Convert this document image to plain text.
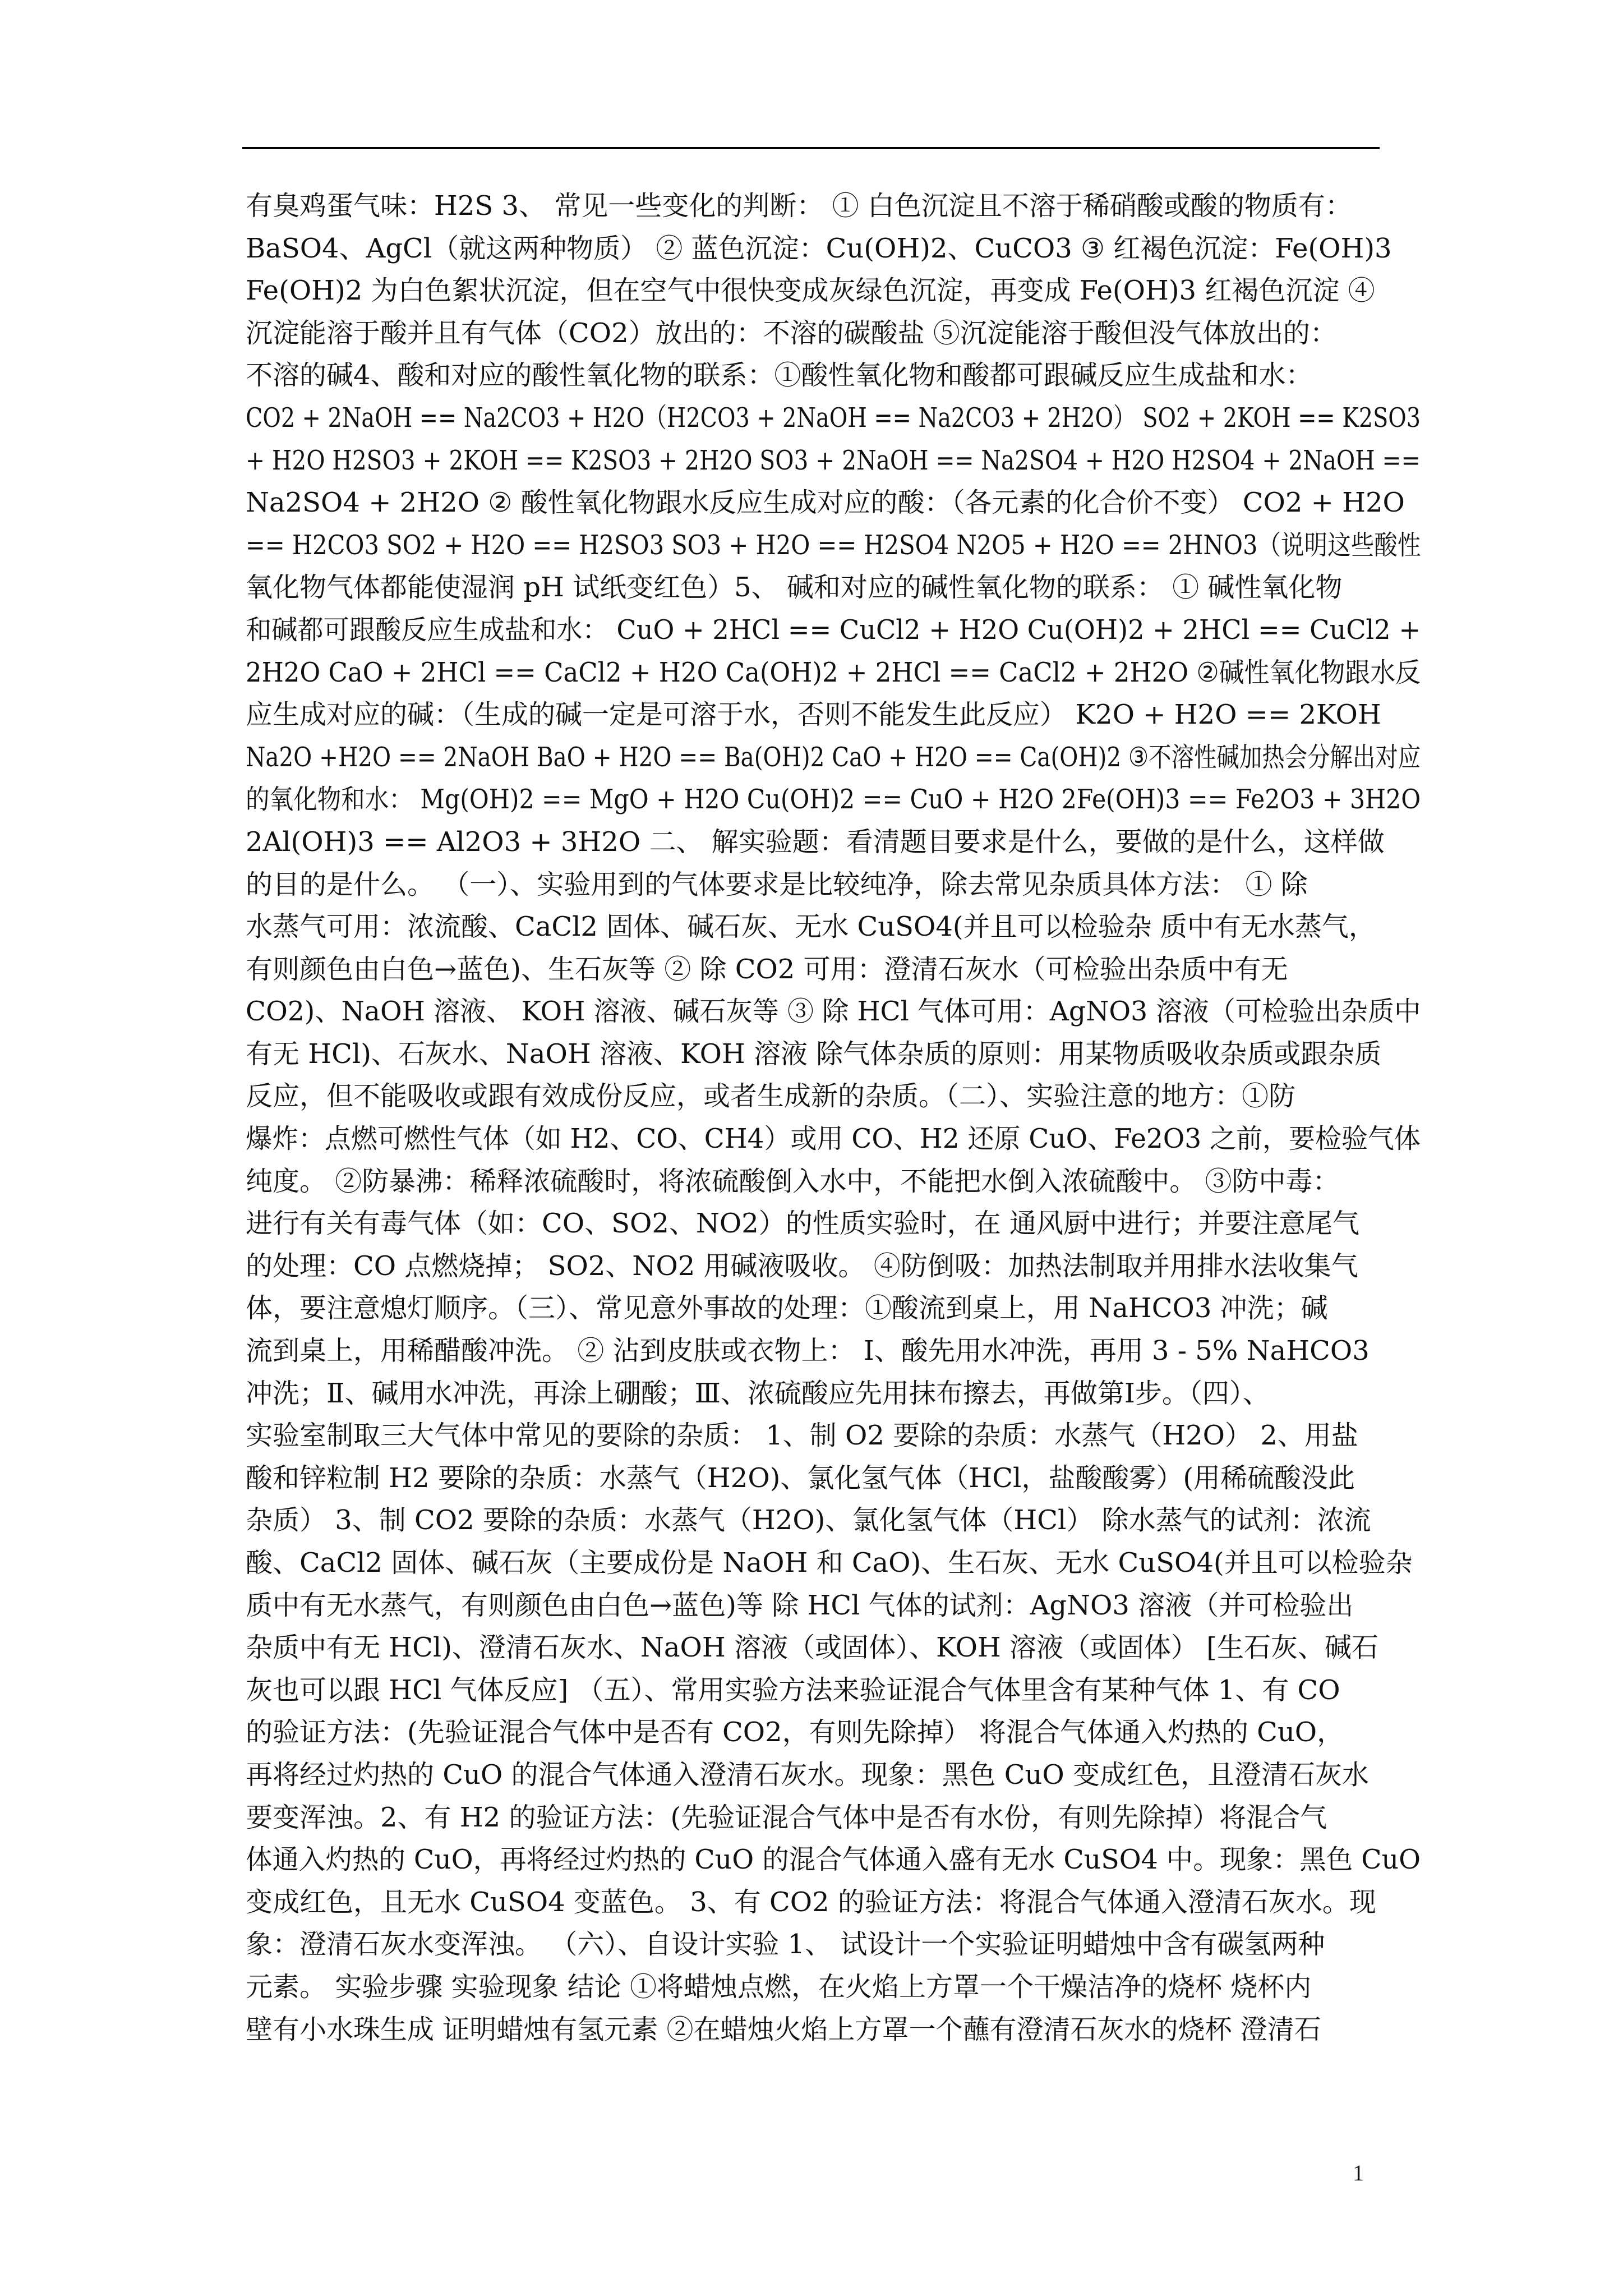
有臭鸡蛋气味：H2S 3、 常见一些变化的判断： ① 白色沉淀且不溶于稀硝酸或酸的物质有：
BaSO4、AgCl（就这两种物质） ② 蓝色沉淀：Cu(OH)2、CuCO3 ③ 红褐色沉淀：Fe(OH)3
Fe(OH)2 为白色絮状沉淀，但在空气中很快变成灰绿色沉淀，再变成 Fe(OH)3 红褐色沉淀 ④
沉淀能溶于酸并且有气体（CO2）放出的：不溶的碳酸盐 ⑤沉淀能溶于酸但没气体放出的：
不溶的碱4、酸和对应的酸性氧化物的联系：①酸性氧化物和酸都可跟碱反应生成盐和水：
CO2 + 2NaOH == Na2CO3 + H2O（H2CO3 + 2NaOH == Na2CO3 + 2H2O） SO2 + 2KOH == K2SO3
+ H2O H2SO3 + 2KOH == K2SO3 + 2H2O SO3 + 2NaOH == Na2SO4 + H2O H2SO4 + 2NaOH ==
Na2SO4 + 2H2O ② 酸性氧化物跟水反应生成对应的酸：（各元素的化合价不变） CO2 + H2O
== H2CO3 SO2 + H2O == H2SO3 SO3 + H2O == H2SO4 N2O5 + H2O == 2HNO3（说明这些酸性
氧化物气体都能使湿润 pH 试纸变红色）5、 碱和对应的碱性氧化物的联系： ① 碱性氧化物
和碱都可跟酸反应生成盐和水： CuO + 2HCl == CuCl2 + H2O Cu(OH)2 + 2HCl == CuCl2 +
2H2O CaO + 2HCl == CaCl2 + H2O Ca(OH)2 + 2HCl == CaCl2 + 2H2O ②碱性氧化物跟水反
应生成对应的碱：（生成的碱一定是可溶于水，否则不能发生此反应） K2O + H2O == 2KOH
Na2O +H2O == 2NaOH BaO + H2O == Ba(OH)2 CaO + H2O == Ca(OH)2 ③不溶性碱加热会分解出对应
的氧化物和水： Mg(OH)2 == MgO + H2O Cu(OH)2 == CuO + H2O 2Fe(OH)3 == Fe2O3 + 3H2O
2Al(OH)3 == Al2O3 + 3H2O 二、 解实验题：看清题目要求是什么，要做的是什么，这样做
的目的是什么。 （一）、实验用到的气体要求是比较纯净，除去常见杂质具体方法： ① 除
水蒸气可用：浓流酸、CaCl2 固体、碱石灰、无水 CuSO4(并且可以检验杂 质中有无水蒸气，
有则颜色由白色→蓝色)、生石灰等 ② 除 CO2 可用：澄清石灰水（可检验出杂质中有无
CO2)、NaOH 溶液、 KOH 溶液、碱石灰等 ③ 除 HCl 气体可用：AgNO3 溶液（可检验出杂质中
有无 HCl)、石灰水、NaOH 溶液、KOH 溶液 除气体杂质的原则：用某物质吸收杂质或跟杂质
反应，但不能吸收或跟有效成份反应，或者生成新的杂质。（二）、实验注意的地方：①防
爆炸：点燃可燃性气体（如 H2、CO、CH4）或用 CO、H2 还原 CuO、Fe2O3 之前，要检验气体
纯度。 ②防暴沸：稀释浓硫酸时，将浓硫酸倒入水中，不能把水倒入浓硫酸中。 ③防中毒：
进行有关有毒气体（如：CO、SO2、NO2）的性质实验时，在 通风厨中进行；并要注意尾气
的处理：CO 点燃烧掉； SO2、NO2 用碱液吸收。 ④防倒吸：加热法制取并用排水法收集气
体，要注意熄灯顺序。（三）、常见意外事故的处理：①酸流到桌上，用 NaHCO3 冲洗；碱
流到桌上，用稀醋酸冲洗。 ② 沾到皮肤或衣物上： Ⅰ、酸先用水冲洗，再用 3 - 5% NaHCO3
冲洗；Ⅱ、碱用水冲洗，再涂上硼酸；Ⅲ、浓硫酸应先用抹布擦去，再做第Ⅰ步。（四）、
实验室制取三大气体中常见的要除的杂质： 1、制 O2 要除的杂质：水蒸气（H2O） 2、用盐
酸和锌粒制 H2 要除的杂质：水蒸气（H2O)、氯化氢气体（HCl，盐酸酸雾）(用稀硫酸没此
杂质） 3、制 CO2 要除的杂质：水蒸气（H2O)、氯化氢气体（HCl） 除水蒸气的试剂：浓流
酸、CaCl2 固体、碱石灰（主要成份是 NaOH 和 CaO)、生石灰、无水 CuSO4(并且可以检验杂
质中有无水蒸气，有则颜色由白色→蓝色)等 除 HCl 气体的试剂：AgNO3 溶液（并可检验出
杂质中有无 HCl)、澄清石灰水、NaOH 溶液（或固体）、KOH 溶液（或固体） [生石灰、碱石
灰也可以跟 HCl 气体反应] （五）、常用实验方法来验证混合气体里含有某种气体 1、有 CO
的验证方法：(先验证混合气体中是否有 CO2，有则先除掉） 将混合气体通入灼热的 CuO，
再将经过灼热的 CuO 的混合气体通入澄清石灰水。现象：黑色 CuO 变成红色，且澄清石灰水
要变浑浊。2、有 H2 的验证方法：(先验证混合气体中是否有水份，有则先除掉）将混合气
体通入灼热的 CuO，再将经过灼热的 CuO 的混合气体通入盛有无水 CuSO4 中。现象：黑色 CuO
变成红色，且无水 CuSO4 变蓝色。 3、有 CO2 的验证方法：将混合气体通入澄清石灰水。现
象：澄清石灰水变浑浊。 （六）、自设计实验 1、 试设计一个实验证明蜡烛中含有碳氢两种
元素。 实验步骤 实验现象 结论 ①将蜡烛点燃，在火焰上方罩一个干燥洁净的烧杯 烧杯内
壁有小水珠生成 证明蜡烛有氢元素 ②在蜡烛火焰上方罩一个蘸有澄清石灰水的烧杯 澄清石
1
